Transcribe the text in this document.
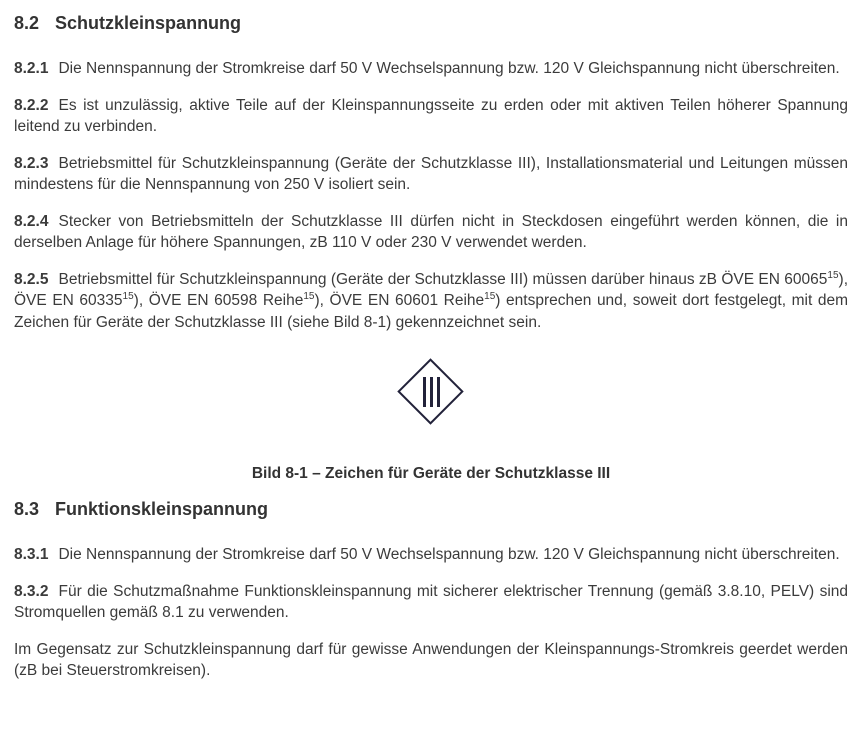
8.2 Schutzkleinspannung

8.2.1 Die Nennspannung der Stromkreise darf 50 V Wechselspannung bzw. 120 V Gleichspannung nicht überschreiten.

8.2.2 Es ist unzulässig, aktive Teile auf der Kleinspannungsseite zu erden oder mit aktiven Teilen höherer Spannung leitend zu verbinden.

8.2.3 Betriebsmittel für Schutzkleinspannung (Geräte der Schutzklasse III), Installationsmaterial und Leitungen müssen mindestens für die Nennspannung von 250 V isoliert sein.

8.2.4 Stecker von Betriebsmitteln der Schutzklasse III dürfen nicht in Steckdosen eingeführt werden können, die in derselben Anlage für höhere Spannungen, zB 110 V oder 230 V verwendet werden.

8.2.5 Betriebsmittel für Schutzkleinspannung (Geräte der Schutzklasse III) müssen darüber hinaus zB ÖVE EN 60065$^{15}$), ÖVE EN 60335$^{15}$), ÖVE EN 60598 Reihe$^{15}$), ÖVE EN 60601 Reihe$^{15}$) entsprechen und, soweit dort festgelegt, mit dem Zeichen für Geräte der Schutzklasse III (siehe Bild 8-1) gekennzeichnet sein.

Bild 8-1 – Zeichen für Geräte der Schutzklasse III
8.3 Funktionskleinspannung

8.3.1 Die Nennspannung der Stromkreise darf 50 V Wechselspannung bzw. 120 V Gleichspannung nicht überschreiten.

8.3.2 Für die Schutzmaßnahme Funktionskleinspannung mit sicherer elektrischer Trennung (gemäß 3.8.10, PELV) sind Stromquellen gemäß 8.1 zu verwenden.

Im Gegensatz zur Schutzkleinspannung darf für gewisse Anwendungen der Kleinspannungs-Stromkreis geerdet werden (zB bei Steuerstromkreisen).
